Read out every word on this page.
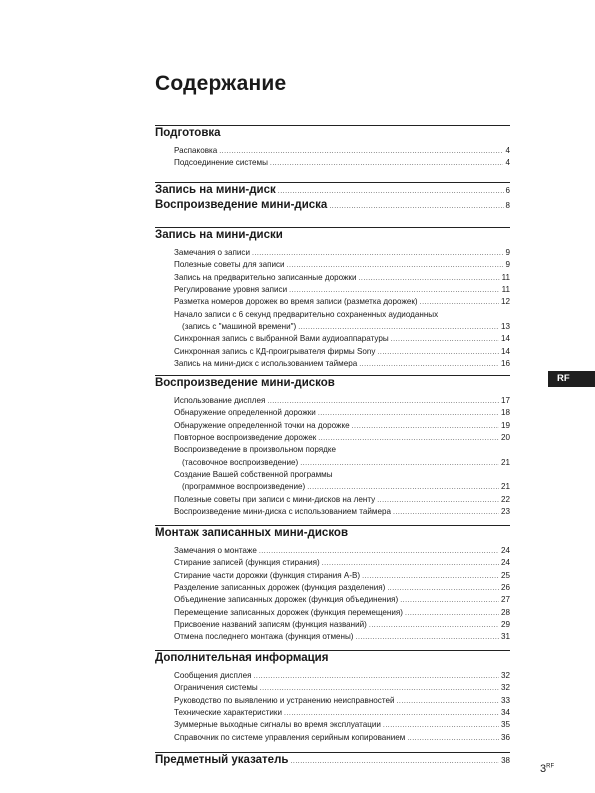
Содержание
Подготовка
Распаковка .....	4
Подсоединение системы .....	4
Запись на мини-диск .....	6
Воспроизведение мини-диска .....	8
Запись на мини-диски
Замечания о записи .....	9
Полезные советы для записи .....	9
Запись на предварительно записанные дорожки .....	11
Регулирование уровня записи .....	11
Разметка номеров дорожек во время записи (разметка дорожек) .....	12
Начало записи с 6 секунд предварительно сохраненных аудиоданных
(запись с "машиной времени") .....	13
Синхронная запись с выбранной Вами аудиоаппаратуры .....	14
Синхронная запись с КД-проигрывателя фирмы Sony .....	14
Запись на мини-диск с использованием таймера .....	16
Воспроизведение мини-дисков
Использование дисплея .....	17
Обнаружение определенной дорожки .....	18
Обнаружение определенной точки на дорожке .....	19
Повторное воспроизведение дорожек .....	20
Воспроизведение в произвольном порядке
(тасовочное воспроизведение) .....	21
Создание Вашей собственной программы
(программное воспроизведение) .....	21
Полезные советы при записи с мини-дисков на ленту .....	22
Воспроизведение мини-диска с использованием таймера .....	23
Монтаж записанных мини-дисков
Замечания о монтаже .....	24
Стирание записей (функция стирания) .....	24
Стирание части дорожки (функция стирания A-B) .....	25
Разделение записанных дорожек (функция разделения) .....	26
Объединение записанных дорожек (функция объединения) .....	27
Перемещение записанных дорожек (функция перемещения) .....	28
Присвоение названий записям (функция названий) .....	29
Отмена последнего монтажа (функция отмены) .....	31
Дополнительная информация
Сообщения дисплея .....	32
Ограничения системы .....	32
Руководство по выявлению и устранению неисправностей .....	33
Технические характеристики .....	34
Зуммерные выходные сигналы во время эксплуатации .....	35
Справочник по системе управления серийным копированием .....	36
Предметный указатель .....	38
RF
$3^{RF}$
